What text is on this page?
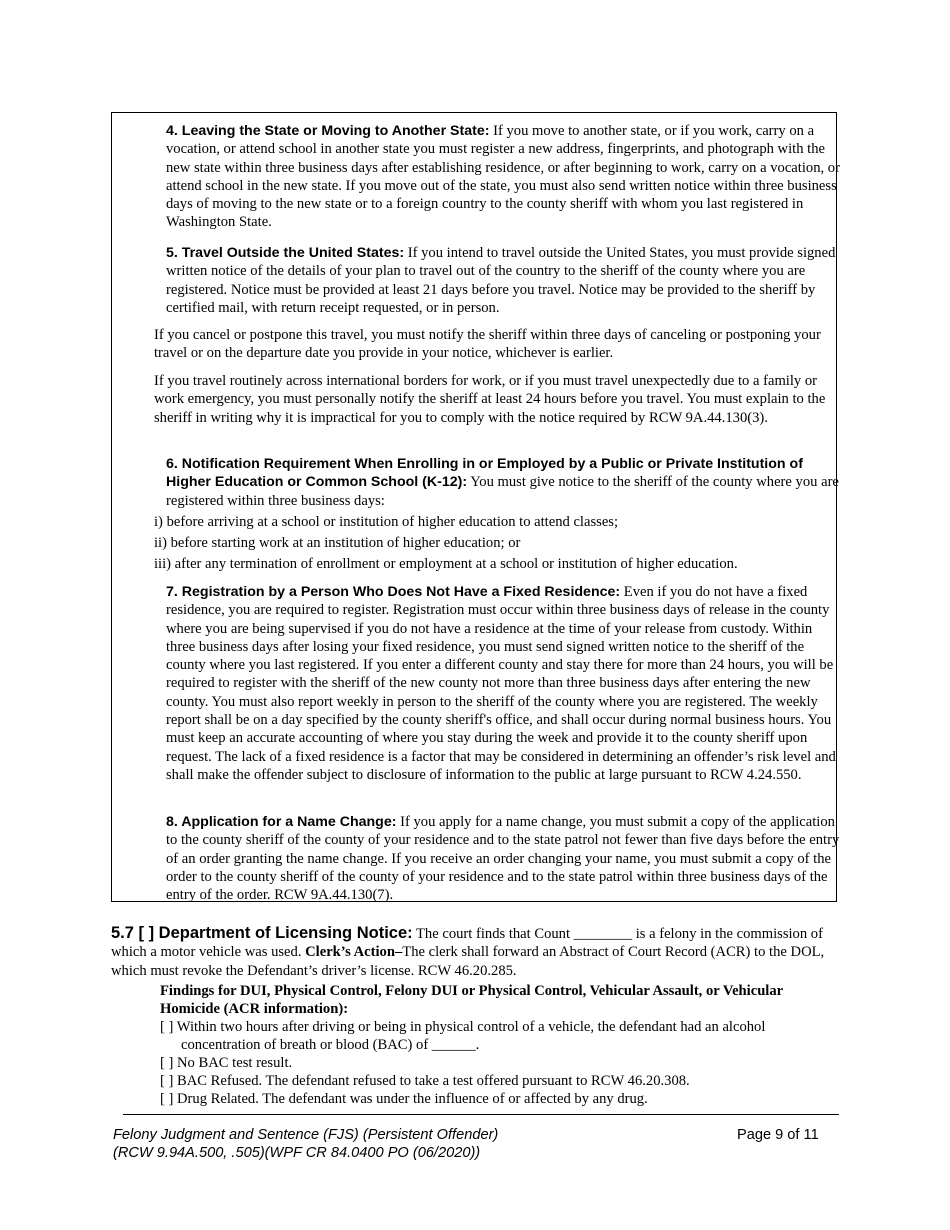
4. Leaving the State or Moving to Another State: If you move to another state, or if you work, carry on a vocation, or attend school in another state you must register a new address, fingerprints, and photograph with the new state within three business days after establishing residence, or after beginning to work, carry on a vocation, or attend school in the new state. If you move out of the state, you must also send written notice within three business days of moving to the new state or to a foreign country to the county sheriff with whom you last registered in Washington State.
5. Travel Outside the United States: If you intend to travel outside the United States, you must provide signed written notice of the details of your plan to travel out of the country to the sheriff of the county where you are registered. Notice must be provided at least 21 days before you travel. Notice may be provided to the sheriff by certified mail, with return receipt requested, or in person.
If you cancel or postpone this travel, you must notify the sheriff within three days of canceling or postponing your travel or on the departure date you provide in your notice, whichever is earlier.
If you travel routinely across international borders for work, or if you must travel unexpectedly due to a family or work emergency, you must personally notify the sheriff at least 24 hours before you travel. You must explain to the sheriff in writing why it is impractical for you to comply with the notice required by RCW 9A.44.130(3).
6. Notification Requirement When Enrolling in or Employed by a Public or Private Institution of Higher Education or Common School (K-12): You must give notice to the sheriff of the county where you are registered within three business days:
i) before arriving at a school or institution of higher education to attend classes;
ii) before starting work at an institution of higher education; or
iii) after any termination of enrollment or employment at a school or institution of higher education.
7. Registration by a Person Who Does Not Have a Fixed Residence: Even if you do not have a fixed residence, you are required to register. Registration must occur within three business days of release in the county where you are being supervised if you do not have a residence at the time of your release from custody. Within three business days after losing your fixed residence, you must send signed written notice to the sheriff of the county where you last registered. If you enter a different county and stay there for more than 24 hours, you will be required to register with the sheriff of the new county not more than three business days after entering the new county. You must also report weekly in person to the sheriff of the county where you are registered. The weekly report shall be on a day specified by the county sheriff's office, and shall occur during normal business hours. You must keep an accurate accounting of where you stay during the week and provide it to the county sheriff upon request. The lack of a fixed residence is a factor that may be considered in determining an offender’s risk level and shall make the offender subject to disclosure of information to the public at large pursuant to RCW 4.24.550.
8. Application for a Name Change: If you apply for a name change, you must submit a copy of the application to the county sheriff of the county of your residence and to the state patrol not fewer than five days before the entry of an order granting the name change. If you receive an order changing your name, you must submit a copy of the order to the county sheriff of the county of your residence and to the state patrol within three business days of the entry of the order. RCW 9A.44.130(7).
5.7 [ ] Department of Licensing Notice: The court finds that Count ________ is a felony in the commission of which a motor vehicle was used. Clerk’s Action–The clerk shall forward an Abstract of Court Record (ACR) to the DOL, which must revoke the Defendant’s driver’s license. RCW 46.20.285.
Findings for DUI, Physical Control, Felony DUI or Physical Control, Vehicular Assault, or Vehicular Homicide (ACR information):
[ ] Within two hours after driving or being in physical control of a vehicle, the defendant had an alcohol
concentration of breath or blood (BAC) of ______.
[ ] No BAC test result.
[ ] BAC Refused. The defendant refused to take a test offered pursuant to RCW 46.20.308.
[ ] Drug Related. The defendant was under the influence of or affected by any drug.
Felony Judgment and Sentence (FJS) (Persistent Offender)
(RCW 9.94A.500, .505)(WPF CR 84.0400 PO (06/2020))
Page 9 of 11
